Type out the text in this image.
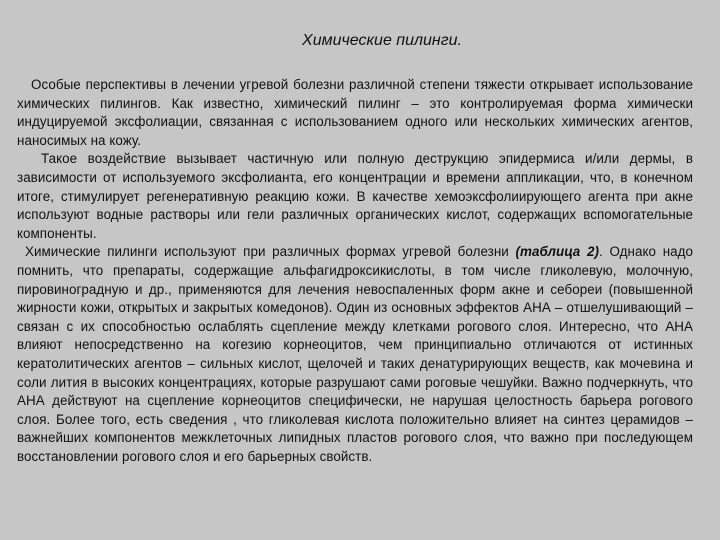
Химические пилинги.

Особые перспективы в лечении угревой болезни различной степени тяжести открывает использование химических пилингов. Как известно, химический пилинг – это контролируемая форма химически индуцируемой эксфолиации, связанная с использованием одного или нескольких химических агентов, наносимых на кожу.

Такое воздействие вызывает частичную или полную деструкцию эпидермиса и/или дермы, в зависимости от используемого эксфолианта, его концентрации и времени аппликации, что, в конечном итоге, стимулирует регенеративную реакцию кожи. В качестве хемоэксфолиирующего агента при акне используют водные растворы или гели различных органических кислот, содержащих вспомогательные компоненты.

Химические пилинги используют при различных формах угревой болезни (таблица 2). Однако надо помнить, что препараты, содержащие альфагидроксикислоты, в том числе гликолевую, молочную, пировиноградную и др., применяются для лечения невоспаленных форм акне и себореи (повышенной жирности кожи, открытых и закрытых комедонов). Один из основных эффектов АНА – отшелушивающий – связан с их способностью ослаблять сцепление между клетками рогового слоя. Интересно, что АНА влияют непосредственно на когезию корнеоцитов, чем принципиально отличаются от истинных кератолитических агентов – сильных кислот, щелочей и таких денатурирующих веществ, как мочевина и соли лития в высоких концентрациях, которые разрушают сами роговые чешуйки. Важно подчеркнуть, что АНА действуют на сцепление корнеоцитов специфически, не нарушая целостность барьера рогового слоя. Более того, есть сведения , что гликолевая кислота положительно влияет на синтез церамидов – важнейших компонентов межклеточных липидных пластов рогового слоя, что важно при последующем восстановлении рогового слоя и его барьерных свойств.
